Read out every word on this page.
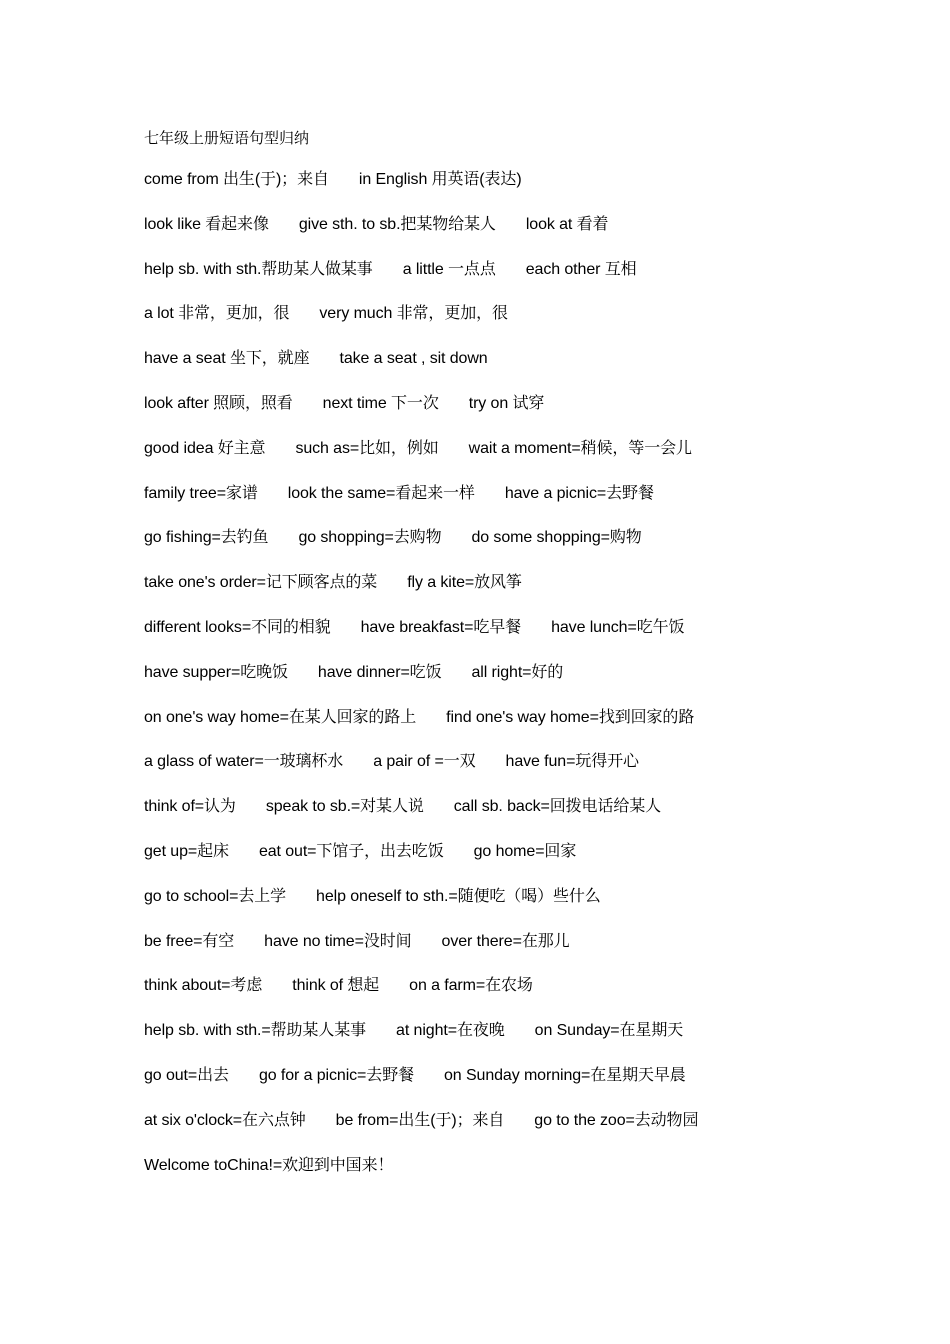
七年级上册短语句型归纳
come from 出生(于)；来自 in English 用英语(表达)
look like 看起来像 give sth. to sb.把某物给某人 look at 看着
help sb. with sth.帮助某人做某事 a little 一点点 each other 互相
a lot 非常，更加，很 very much 非常，更加，很
have a seat 坐下，就座 take a seat , sit down
look after 照顾，照看 next time 下一次 try on 试穿
good idea 好主意 such as=比如，例如 wait a moment=稍候，等一会儿
family tree=家谱 look the same=看起来一样 have a picnic=去野餐
go fishing=去钓鱼 go shopping=去购物 do some shopping=购物
take one's order=记下顾客点的菜 fly a kite=放风筝
different looks=不同的相貌 have breakfast=吃早餐 have lunch=吃午饭
have supper=吃晚饭 have dinner=吃饭 all right=好的
on one's way home=在某人回家的路上 find one's way home=找到回家的路
a glass of water=一玻璃杯水 a pair of =一双 have fun=玩得开心
think of=认为 speak to sb.=对某人说 call sb. back=回拨电话给某人
get up=起床 eat out=下馆子，出去吃饭 go home=回家
go to school=去上学 help oneself to sth.=随便吃（喝）些什么
be free=有空 have no time=没时间 over there=在那儿
think about=考虑 think of 想起 on a farm=在农场
help sb. with sth.=帮助某人某事 at night=在夜晚 on Sunday=在星期天
go out=出去 go for a picnic=去野餐 on Sunday morning=在星期天早晨
at six o'clock=在六点钟 be from=出生(于)；来自 go to the zoo=去动物园
Welcome toChina!=欢迎到中国来！
